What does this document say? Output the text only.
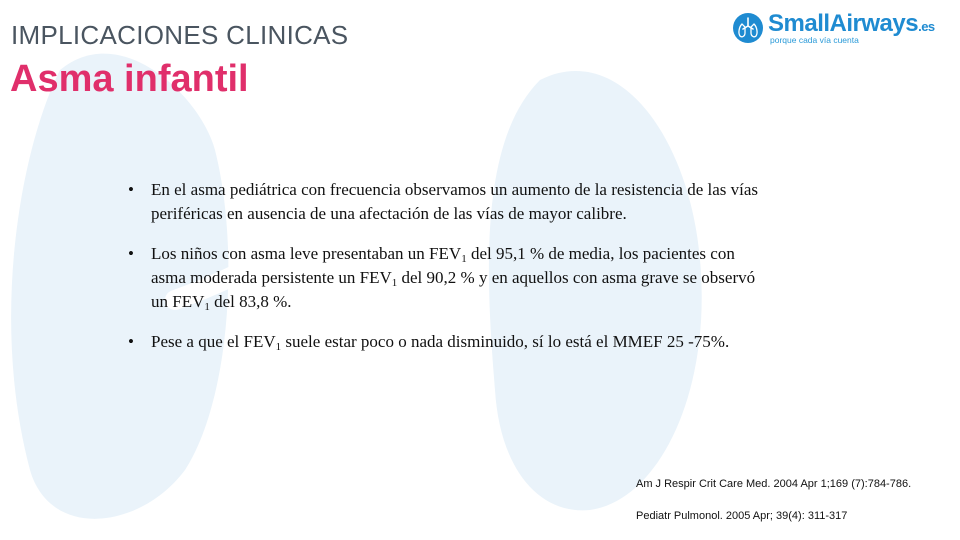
IMPLICACIONES CLINICAS
Asma infantil
SmallAirways.es
porque cada vía cuenta
• En el asma pediátrica con frecuencia observamos un aumento de la resistencia de las vías periféricas en ausencia de una afectación de las vías de mayor calibre.
• Los niños con asma leve presentaban un $FEV_1$ del 95,1 % de media, los pacientes con asma moderada persistente un $FEV_1$ del 90,2 % y en aquellos con asma grave se observó un $FEV_1$ del 83,8 %.
• Pese a que el $FEV_1$ suele estar poco o nada disminuido, sí lo está el MMEF 25 -75%.

Am J Respir Crit Care Med. 2004 Apr 1;169 (7):784-786.

Pediatr Pulmonol. 2005 Apr; 39(4): 311-317
